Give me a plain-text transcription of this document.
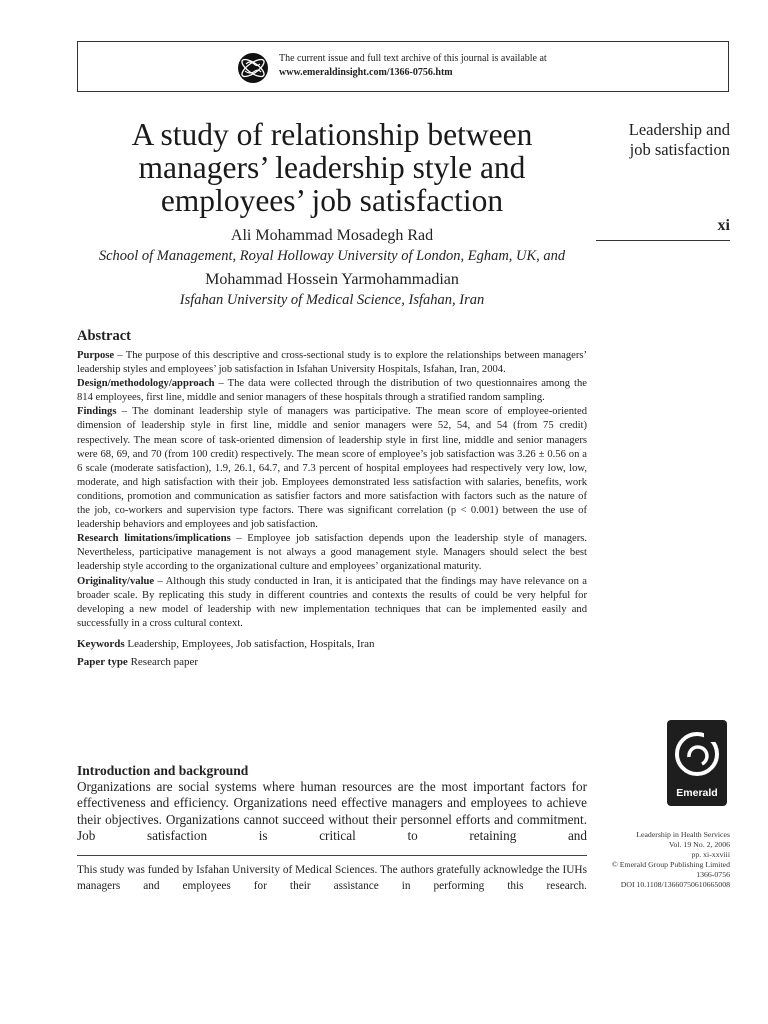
The current issue and full text archive of this journal is available at
www.emeraldinsight.com/1366-0756.htm
A study of relationship between
managers’ leadership style and
employees’ job satisfaction
Leadership and
job satisfaction
xi
Ali Mohammad Mosadegh Rad
School of Management, Royal Holloway University of London, Egham, UK, and
Mohammad Hossein Yarmohammadian
Isfahan University of Medical Science, Isfahan, Iran
Abstract

Purpose – The purpose of this descriptive and cross-sectional study is to explore the relationships between managers’ leadership styles and employees’ job satisfaction in Isfahan University Hospitals, Isfahan, Iran, 2004.

Design/methodology/approach – The data were collected through the distribution of two questionnaires among the 814 employees, first line, middle and senior managers of these hospitals through a stratified random sampling.

Findings – The dominant leadership style of managers was participative. The mean score of employee-oriented dimension of leadership style in first line, middle and senior managers were 52, 54, and 54 (from 75 credit) respectively. The mean score of task-oriented dimension of leadership style in first line, middle and senior managers were 68, 69, and 70 (from 100 credit) respectively. The mean score of employee’s job satisfaction was 3.26 ± 0.56 on a 6 scale (moderate satisfaction), 1.9, 26.1, 64.7, and 7.3 percent of hospital employees had respectively very low, low, moderate, and high satisfaction with their job. Employees demonstrated less satisfaction with salaries, benefits, work conditions, promotion and communication as satisfier factors and more satisfaction with factors such as the nature of the job, co-workers and supervision type factors. There was significant correlation (p < 0.001) between the use of leadership behaviors and employees and job satisfaction.

Research limitations/implications – Employee job satisfaction depends upon the leadership style of managers. Nevertheless, participative management is not always a good management style. Managers should select the best leadership style according to the organizational culture and employees’ organizational maturity.

Originality/value – Although this study conducted in Iran, it is anticipated that the findings may have relevance on a broader scale. By replicating this study in different countries and contexts the results of could be very helpful for developing a new model of leadership with new implementation techniques that can be implemented easily and successfully in a cross cultural context.

Keywords Leadership, Employees, Job satisfaction, Hospitals, Iran

Paper type Research paper

Introduction and background

Organizations are social systems where human resources are the most important factors for effectiveness and efficiency. Organizations need effective managers and employees to achieve their objectives. Organizations cannot succeed without their personnel efforts and commitment. Job satisfaction is critical to retaining and

This study was funded by Isfahan University of Medical Sciences. The authors gratefully acknowledge the IUHs managers and employees for their assistance in performing this research.

Emerald
Leadership in Health Services
Vol. 19 No. 2, 2006
pp. xi-xxviii
© Emerald Group Publishing Limited
1366-0756
DOI 10.1108/13660750610665008
